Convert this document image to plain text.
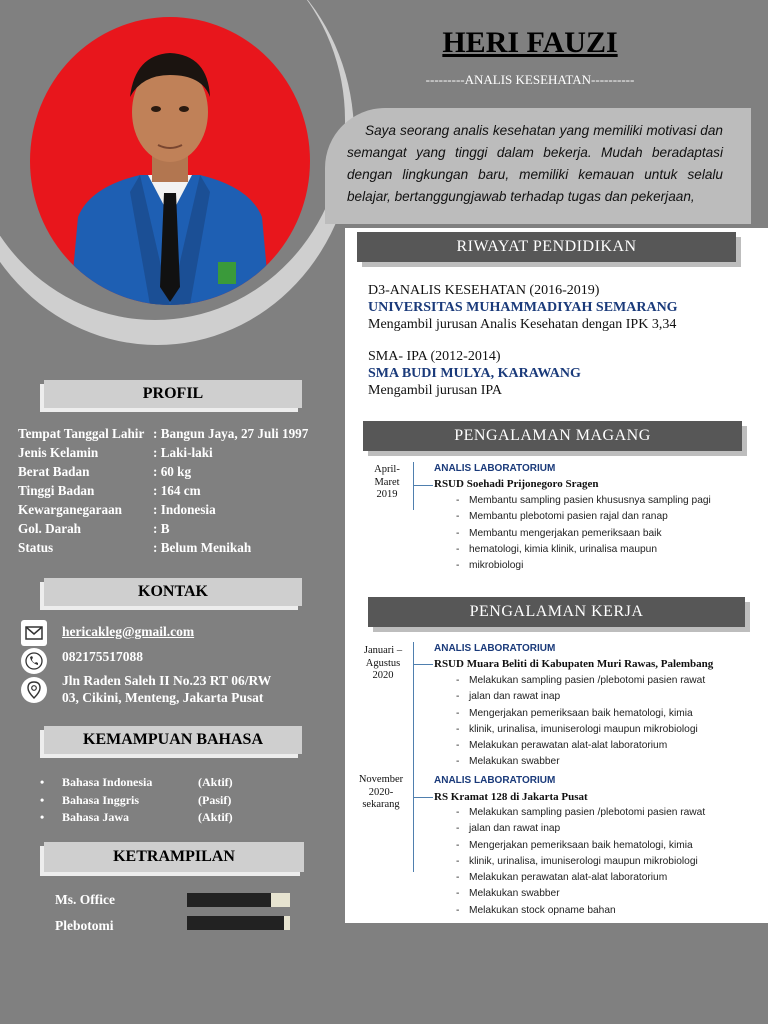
HERI FAUZI
---------ANALIS KESEHATAN----------
Saya seorang analis kesehatan yang memiliki motivasi dan semangat yang tinggi dalam bekerja. Mudah beradaptasi dengan lingkungan baru, memiliki kemauan untuk selalu belajar, bertanggungjawab terhadap tugas dan pekerjaan,
RIWAYAT PENDIDIKAN
D3-ANALIS KESEHATAN (2016-2019)
UNIVERSITAS MUHAMMADIYAH SEMARANG
Mengambil jurusan Analis Kesehatan dengan IPK 3,34
SMA- IPA (2012-2014)
SMA BUDI MULYA, KARAWANG
Mengambil jurusan IPA
PENGALAMAN MAGANG
April-
Maret
2019
ANALIS LABORATORIUM
RSUD Soehadi Prijonegoro Sragen
- Membantu sampling pasien khususnya sampling pagi
- Membantu plebotomi pasien rajal dan ranap
- Membantu mengerjakan pemeriksaan baik
- hematologi, kimia klinik, urinalisa maupun

- mikrobiologi

PENGALAMAN KERJA
Januari –
Agustus
2020
ANALIS LABORATORIUM
RSUD Muara Beliti di Kabupaten Muri Rawas, Palembang
- Melakukan sampling pasien /plebotomi pasien rawat
- jalan dan rawat inap

- Mengerjakan pemeriksaan baik hematologi, kimia
- klinik, urinalisa, imuniserologi maupun mikrobiologi

- Melakukan perawatan alat-alat laboratorium
- Melakukan swabber
November
2020-
sekarang
ANALIS LABORATORIUM
RS Kramat 128 di Jakarta Pusat
- Melakukan sampling pasien /plebotomi pasien rawat
- jalan dan rawat inap

- Mengerjakan pemeriksaan baik hematologi, kimia
- klinik, urinalisa, imuniserologi maupun mikrobiologi

- Melakukan perawatan alat-alat laboratorium
- Melakukan swabber
- Melakukan stock opname bahan
PROFIL
Tempat Tanggal Lahir	: Bangun Jaya, 27 Juli 1997
Jenis Kelamin	: Laki-laki
Berat Badan	: 60 kg
Tinggi Badan	: 164 cm
Kewarganegaraan	: Indonesia
Gol. Darah	: B
Status	: Belum Menikah
KONTAK
hericakleg@gmail.com
082175517088
Jln Raden Saleh II No.23 RT 06/RW
03, Cikini, Menteng, Jakarta Pusat
KEMAMPUAN BAHASA
• Bahasa Indonesia	(Aktif)
• Bahasa Inggris	(Pasif)
• Bahasa Jawa	(Aktif)
KETRAMPILAN
Ms. Office
Plebotomi
